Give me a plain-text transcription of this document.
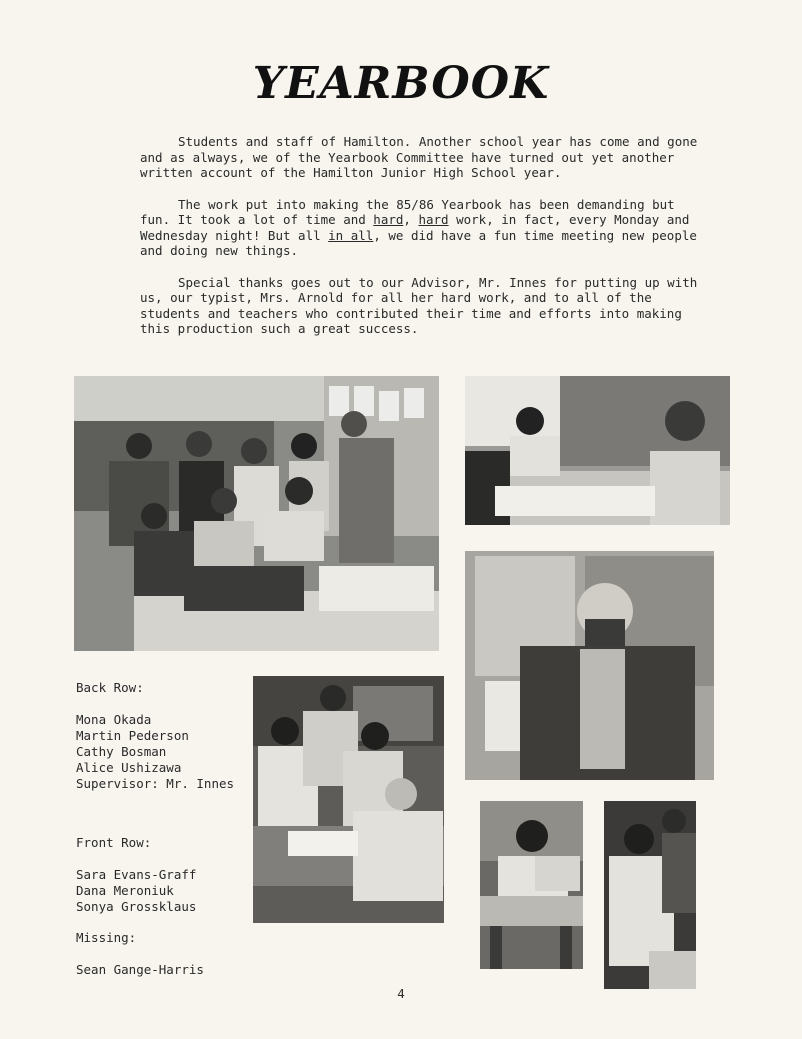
YEARBOOK

Students and staff of Hamilton. Another school year has come and gone and as always, we of the Yearbook Committee have turned out yet another written account of the Hamilton Junior High School year.

The work put into making the 85/86 Yearbook has been demanding but fun. It took a lot of time and hard, hard work, in fact, every Monday and Wednesday night! But all in all, we did have a fun time meeting new people and doing new things.

Special thanks goes out to our Advisor, Mr. Innes for putting up with us, our typist, Mrs. Arnold for all her hard work, and to all of the students and teachers who contributed their time and efforts into making this production such a great success.

Back Row:
Mona Okada
Martin Pederson
Cathy Bosman
Alice Ushizawa
Supervisor: Mr. Innes
Front Row:
Sara Evans-Graff
Dana Meroniuk
Sonya Grossklaus
Missing:
Sean Gange-Harris
4
